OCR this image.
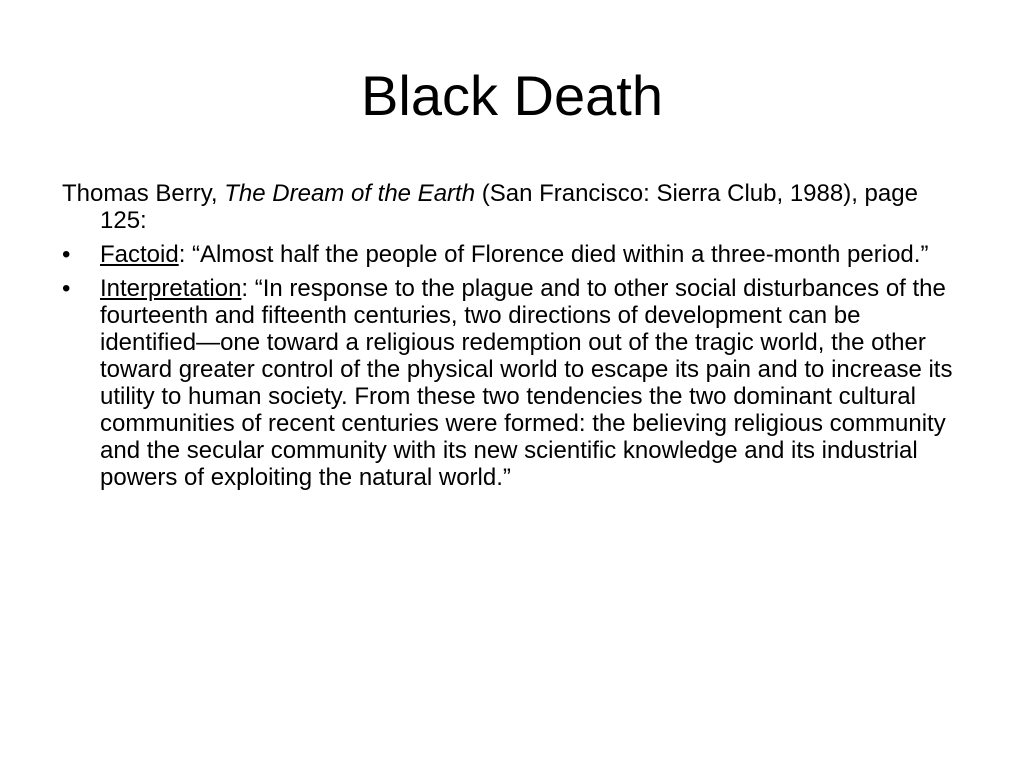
Black Death

Thomas Berry, The Dream of the Earth (San Francisco: Sierra Club, 1988), page 125:

• Factoid: “Almost half the people of Florence died within a three-month period.”
• Interpretation: “In response to the plague and to other social disturbances of the fourteenth and fifteenth centuries, two directions of development can be identified—one toward a religious redemption out of the tragic world, the other toward greater control of the physical world to escape its pain and to increase its utility to human society. From these two tendencies the two dominant cultural communities of recent centuries were formed: the believing religious community and the secular community with its new scientific knowledge and its industrial powers of exploiting the natural world.”
